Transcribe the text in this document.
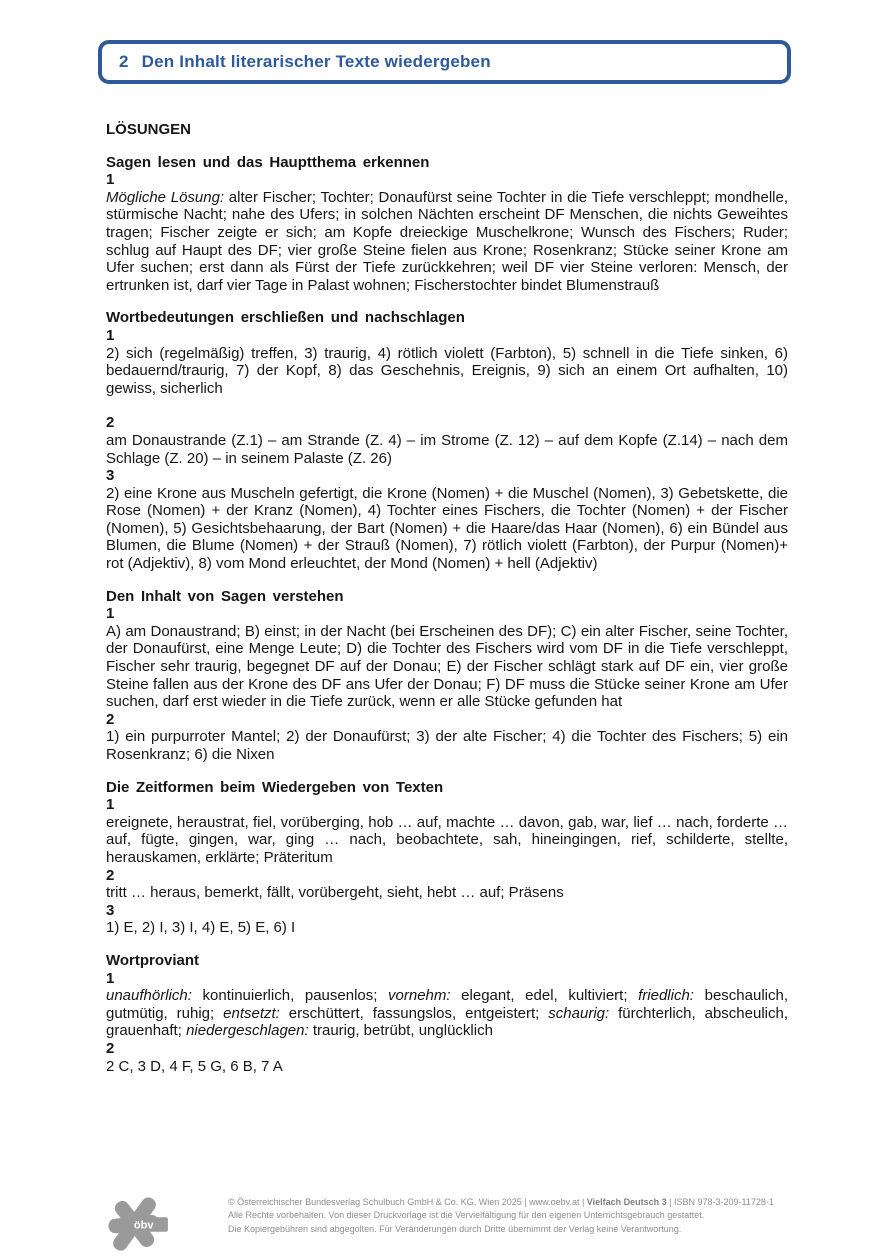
2 Den Inhalt literarischer Texte wiedergeben
LÖSUNGEN
Sagen lesen und das Hauptthema erkennen
1

Mögliche Lösung: alter Fischer; Tochter; Donaufürst seine Tochter in die Tiefe verschleppt; mondhelle, stürmische Nacht; nahe des Ufers; in solchen Nächten erscheint DF Menschen, die nichts Geweihtes tragen; Fischer zeigte er sich; am Kopfe dreieckige Muschelkrone; Wunsch des Fischers; Ruder; schlug auf Haupt des DF; vier große Steine fielen aus Krone; Rosenkranz; Stücke seiner Krone am Ufer suchen; erst dann als Fürst der Tiefe zurückkehren; weil DF vier Steine verloren: Mensch, der ertrunken ist, darf vier Tage in Palast wohnen; Fischerstochter bindet Blumenstrauß

Wortbedeutungen erschließen und nachschlagen
1

2) sich (regelmäßig) treffen, 3) traurig, 4) rötlich violett (Farbton), 5) schnell in die Tiefe sinken, 6) bedauernd/traurig, 7) der Kopf, 8) das Geschehnis, Ereignis, 9) sich an einem Ort aufhalten, 10) gewiss, sicherlich

2

am Donaustrande (Z.1) – am Strande (Z. 4) – im Strome (Z. 12) – auf dem Kopfe (Z.14) – nach dem Schlage (Z. 20) – in seinem Palaste (Z. 26)

3

2) eine Krone aus Muscheln gefertigt, die Krone (Nomen) + die Muschel (Nomen), 3) Gebetskette, die Rose (Nomen) + der Kranz (Nomen), 4) Tochter eines Fischers, die Tochter (Nomen) + der Fischer (Nomen), 5) Gesichtsbehaarung, der Bart (Nomen) + die Haare/das Haar (Nomen), 6) ein Bündel aus Blumen, die Blume (Nomen) + der Strauß (Nomen), 7) rötlich violett (Farbton), der Purpur (Nomen)+ rot (Adjektiv), 8) vom Mond erleuchtet, der Mond (Nomen) + hell (Adjektiv)

Den Inhalt von Sagen verstehen
1

A) am Donaustrand; B) einst; in der Nacht (bei Erscheinen des DF); C) ein alter Fischer, seine Tochter, der Donaufürst, eine Menge Leute; D) die Tochter des Fischers wird vom DF in die Tiefe verschleppt, Fischer sehr traurig, begegnet DF auf der Donau; E) der Fischer schlägt stark auf DF ein, vier große Steine fallen aus der Krone des DF ans Ufer der Donau; F) DF muss die Stücke seiner Krone am Ufer suchen, darf erst wieder in die Tiefe zurück, wenn er alle Stücke gefunden hat

2

1) ein purpurroter Mantel; 2) der Donaufürst; 3) der alte Fischer; 4) die Tochter des Fischers; 5) ein Rosenkranz; 6) die Nixen

Die Zeitformen beim Wiedergeben von Texten
1

ereignete, heraustrat, fiel, vorüberging, hob … auf, machte … davon, gab, war, lief … nach, forderte … auf, fügte, gingen, war, ging … nach, beobachtete, sah, hineingingen, rief, schilderte, stellte, herauskamen, erklärte; Präteritum

2

tritt … heraus, bemerkt, fällt, vorübergeht, sieht, hebt … auf; Präsens

3

1) E, 2) I, 3) I, 4) E, 5) E, 6) I

Wortproviant
1

unaufhörlich: kontinuierlich, pausenlos; vornehm: elegant, edel, kultiviert; friedlich: beschaulich, gutmütig, ruhig; entsetzt: erschüttert, fassungslos, entgeistert; schaurig: fürchterlich, abscheulich, grauenhaft; niedergeschlagen: traurig, betrübt, unglücklich

2

2 C, 3 D, 4 F, 5 G, 6 B, 7 A

öbv
© Österreichischer Bundesverlag Schulbuch GmbH & Co. KG, Wien 2025 | www.oebv.at | Vielfach Deutsch 3 | ISBN 978-3-209-11728-1
Alle Rechte vorbehalten. Von dieser Druckvorlage ist die Vervielfältigung für den eigenen Unterrichtsgebrauch gestattet.
Die Kopiergebühren sind abgegolten. Für Veränderungen durch Dritte übernimmt der Verlag keine Verantwortung.
